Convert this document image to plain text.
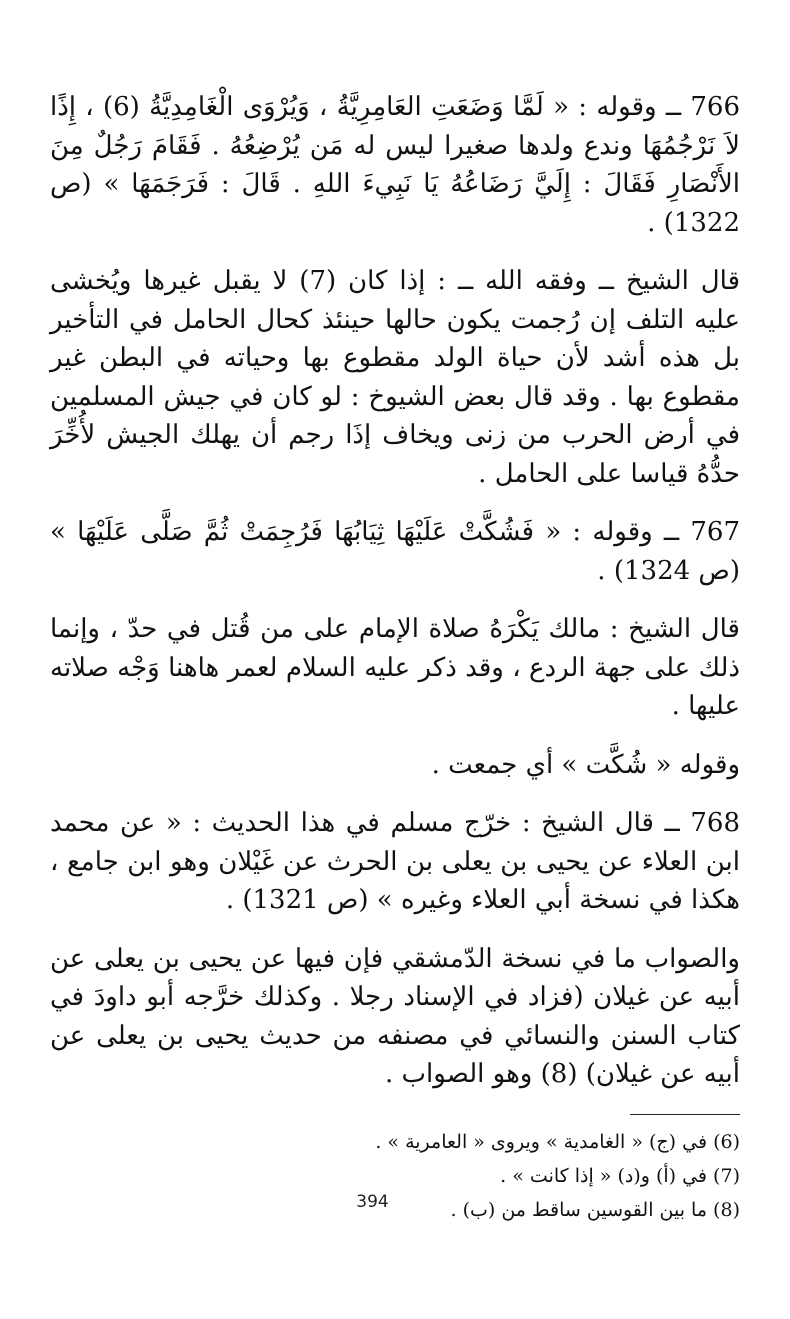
766 ــ وقوله : « لَمَّا وَضَعَتِ العَامِرِيَّةُ ، وَيُرْوَى الْغَامِدِيَّةُ (6) ، إِذًا لاَ نَرْجُمُهَا وندع ولدها صغيرا ليس له مَن يُرْضِعُهُ . فَقَامَ رَجُلٌ مِنَ الأَنْصَارِ فَقَالَ : إِلَيَّ رَضَاعُهُ يَا نَبِيءَ اللهِ . قَالَ : فَرَجَمَهَا » (ص 1322) .

قال الشيخ ــ وفقه الله ــ : إذا كان (7) لا يقبل غيرها ويُخشى عليه التلف إن رُجمت يكون حالها حينئذ كحال الحامل في التأخير بل هذه أشد لأن حياة الولد مقطوع بها وحياته في البطن غير مقطوع بها . وقد قال بعض الشيوخ : لو كان في جيش المسلمين في أرض الحرب من زنى ويخاف إذَا رجم أن يهلك الجيش لأُخِّرَ حدُّهُ قياسا على الحامل .

767 ــ وقوله : « فَشُكَّتْ عَلَيْهَا ثِيَابُهَا فَرُجِمَتْ ثُمَّ صَلَّى عَلَيْهَا » (ص 1324) .

قال الشيخ : مالك يَكْرَهُ صلاة الإمام على من قُتل في حدّ ، وإنما ذلك على جهة الردع ، وقد ذكر عليه السلام لعمر هاهنا وَجْه صلاته عليها .

وقوله « شُكَّت » أي جمعت .

768 ــ قال الشيخ : خرّج مسلم في هذا الحديث : « عن محمد ابن العلاء عن يحيى بن يعلى بن الحرث عن غَيْلان وهو ابن جامع ، هكذا في نسخة أبي العلاء وغيره » (ص 1321) .

والصواب ما في نسخة الدّمشقي فإن فيها عن يحيى بن يعلى عن أبيه عن غيلان (فزاد في الإسناد رجلا . وكذلك خرَّجه أبو داودَ في كتاب السنن والنسائي في مصنفه من حديث يحيى بن يعلى عن أبيه عن غيلان) (8) وهو الصواب .

(6) في (ج) « الغامدية » ويروى « العامرية » .

(7) في (أ) و(د) « إذا كانت » .

(8) ما بين القوسين ساقط من (ب) .

394
